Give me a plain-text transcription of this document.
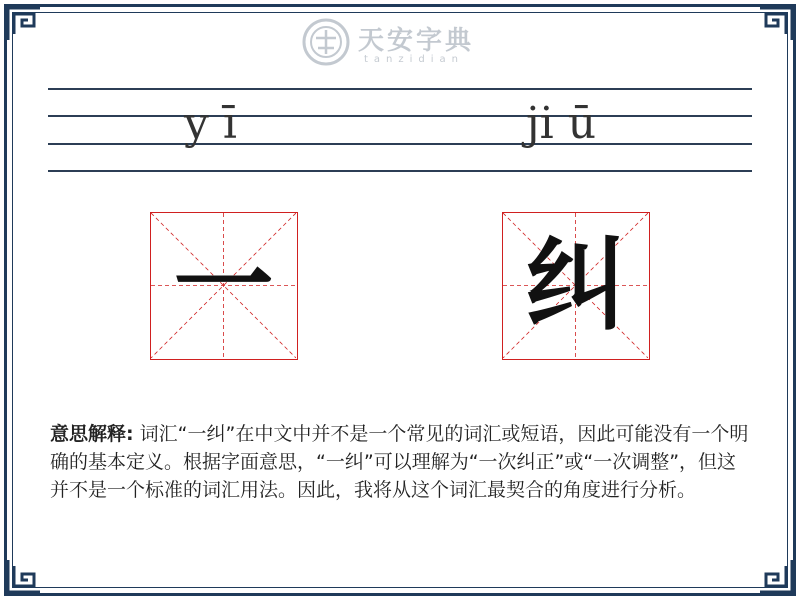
天安字典
tanzidian
y ī	ji ū
一	纠
意思解释: 词汇“一纠”在中文中并不是一个常见的词汇或短语，因此可能没有一个明确的基本定义。根据字面意思，“一纠”可以理解为“一次纠正”或“一次调整”，但这并不是一个标准的词汇用法。因此，我将从这个词汇最契合的角度进行分析。
